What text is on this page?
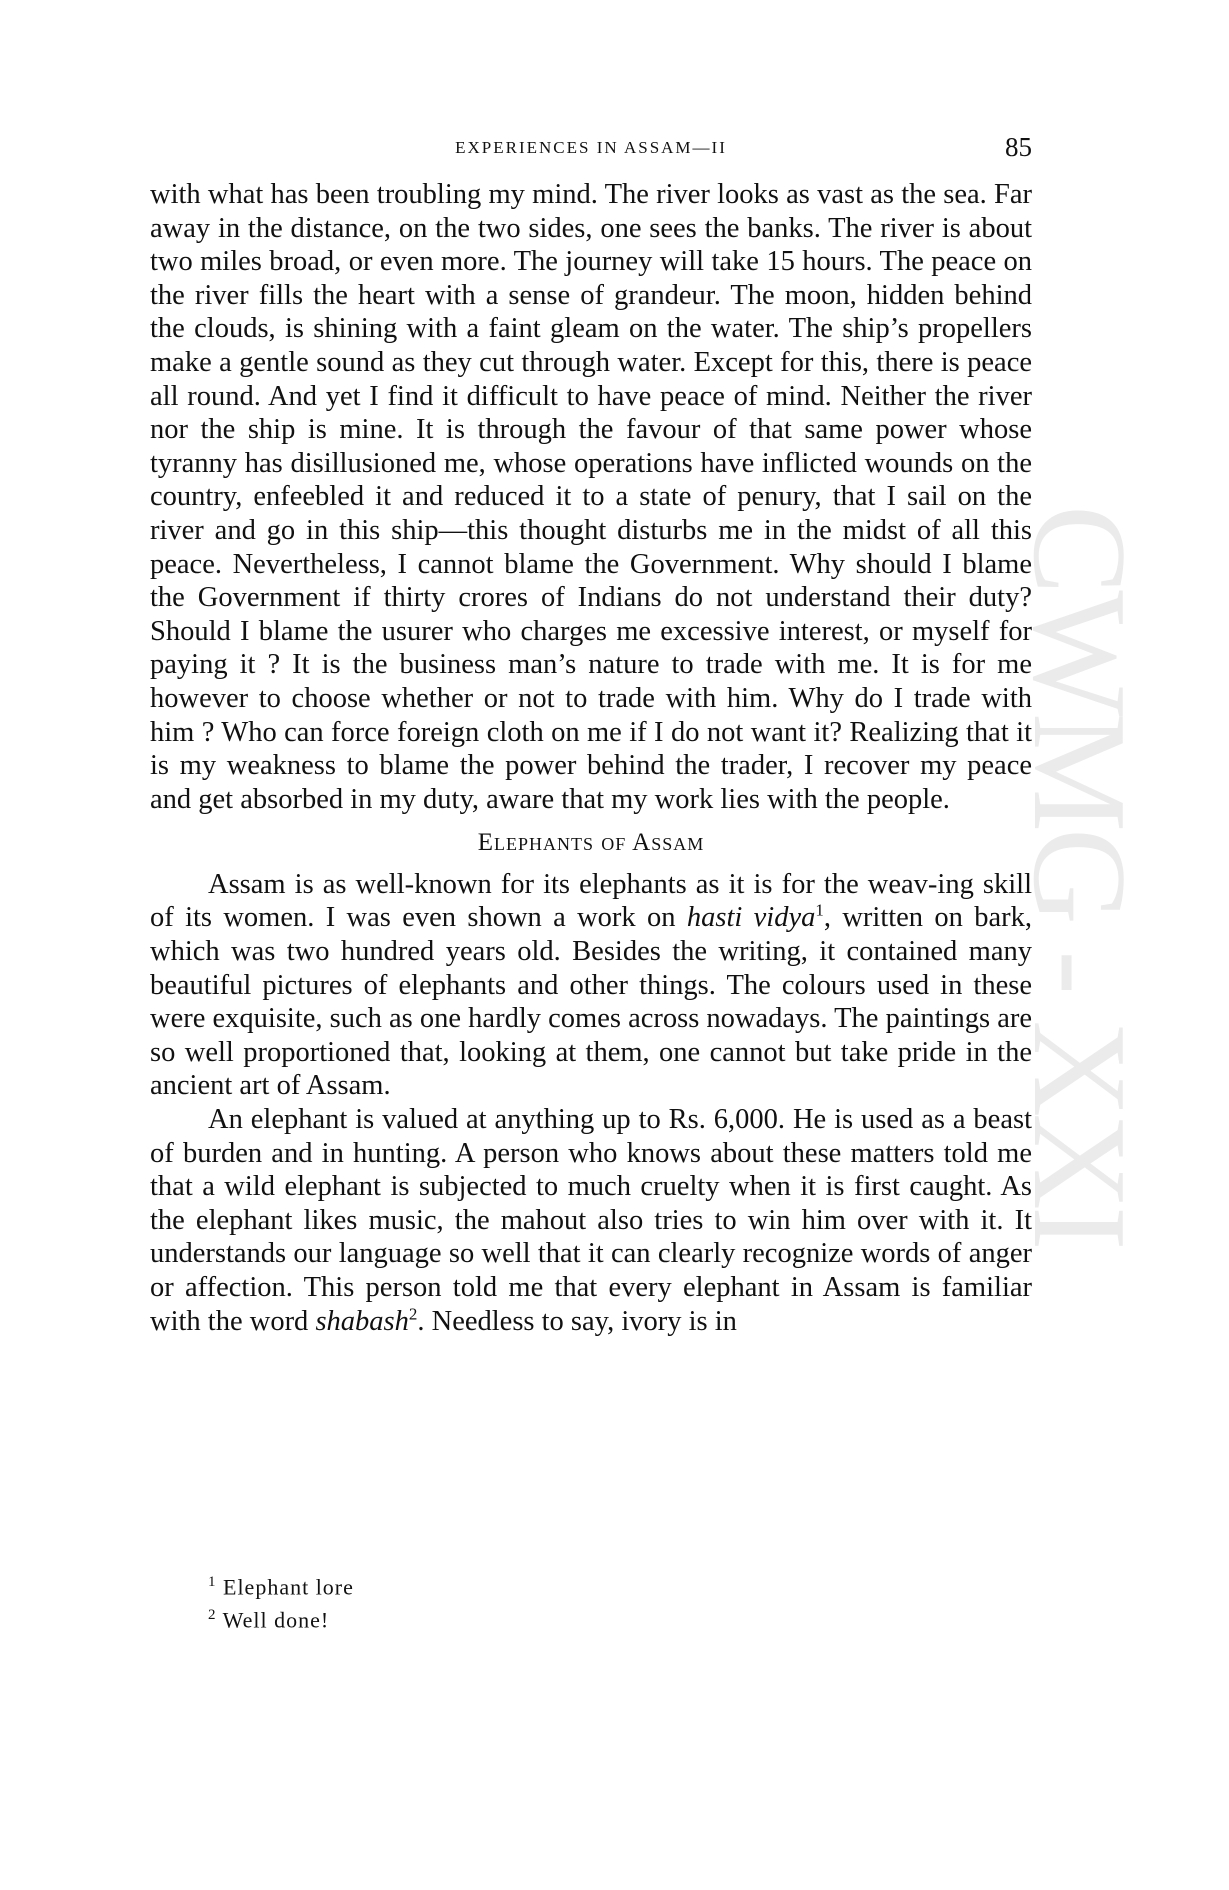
CWMG - XXI
EXPERIENCES IN ASSAM—II	85

with what has been troubling my mind. The river looks as vast as the sea. Far away in the distance, on the two sides, one sees the banks. The river is about two miles broad, or even more. The journey will take 15 hours. The peace on the river fills the heart with a sense of grandeur. The moon, hidden behind the clouds, is shining with a faint gleam on the water. The ship’s propellers make a gentle sound as they cut through water. Except for this, there is peace all round. And yet I find it difficult to have peace of mind. Neither the river nor the ship is mine. It is through the favour of that same power whose tyranny has disillusioned me, whose operations have inflicted wounds on the country, enfeebled it and reduced it to a state of penury, that I sail on the river and go in this ship—this thought disturbs me in the midst of all this peace. Nevertheless, I cannot blame the Government. Why should I blame the Government if thirty crores of Indians do not understand their duty? Should I blame the usurer who charges me excessive interest, or myself for paying it ? It is the business man’s nature to trade with me. It is for me however to choose whether or not to trade with him. Why do I trade with him ? Who can force foreign cloth on me if I do not want it? Realizing that it is my weakness to blame the power behind the trader, I recover my peace and get absorbed in my duty, aware that my work lies with the people.

Elephants of Assam

Assam is as well-known for its elephants as it is for the weav-ing skill of its women. I was even shown a work on hasti vidya$^1$, written on bark, which was two hundred years old. Besides the writing, it contained many beautiful pictures of elephants and other things. The colours used in these were exquisite, such as one hardly comes across nowadays. The paintings are so well proportioned that, looking at them, one cannot but take pride in the ancient art of Assam.

An elephant is valued at anything up to Rs. 6,000. He is used as a beast of burden and in hunting. A person who knows about these matters told me that a wild elephant is subjected to much cruelty when it is first caught. As the elephant likes music, the mahout also tries to win him over with it. It understands our language so well that it can clearly recognize words of anger or affection. This person told me that every elephant in Assam is familiar with the word shabash$^2$. Needless to say, ivory is in

$^1$ Elephant lore
$^2$ Well done!
